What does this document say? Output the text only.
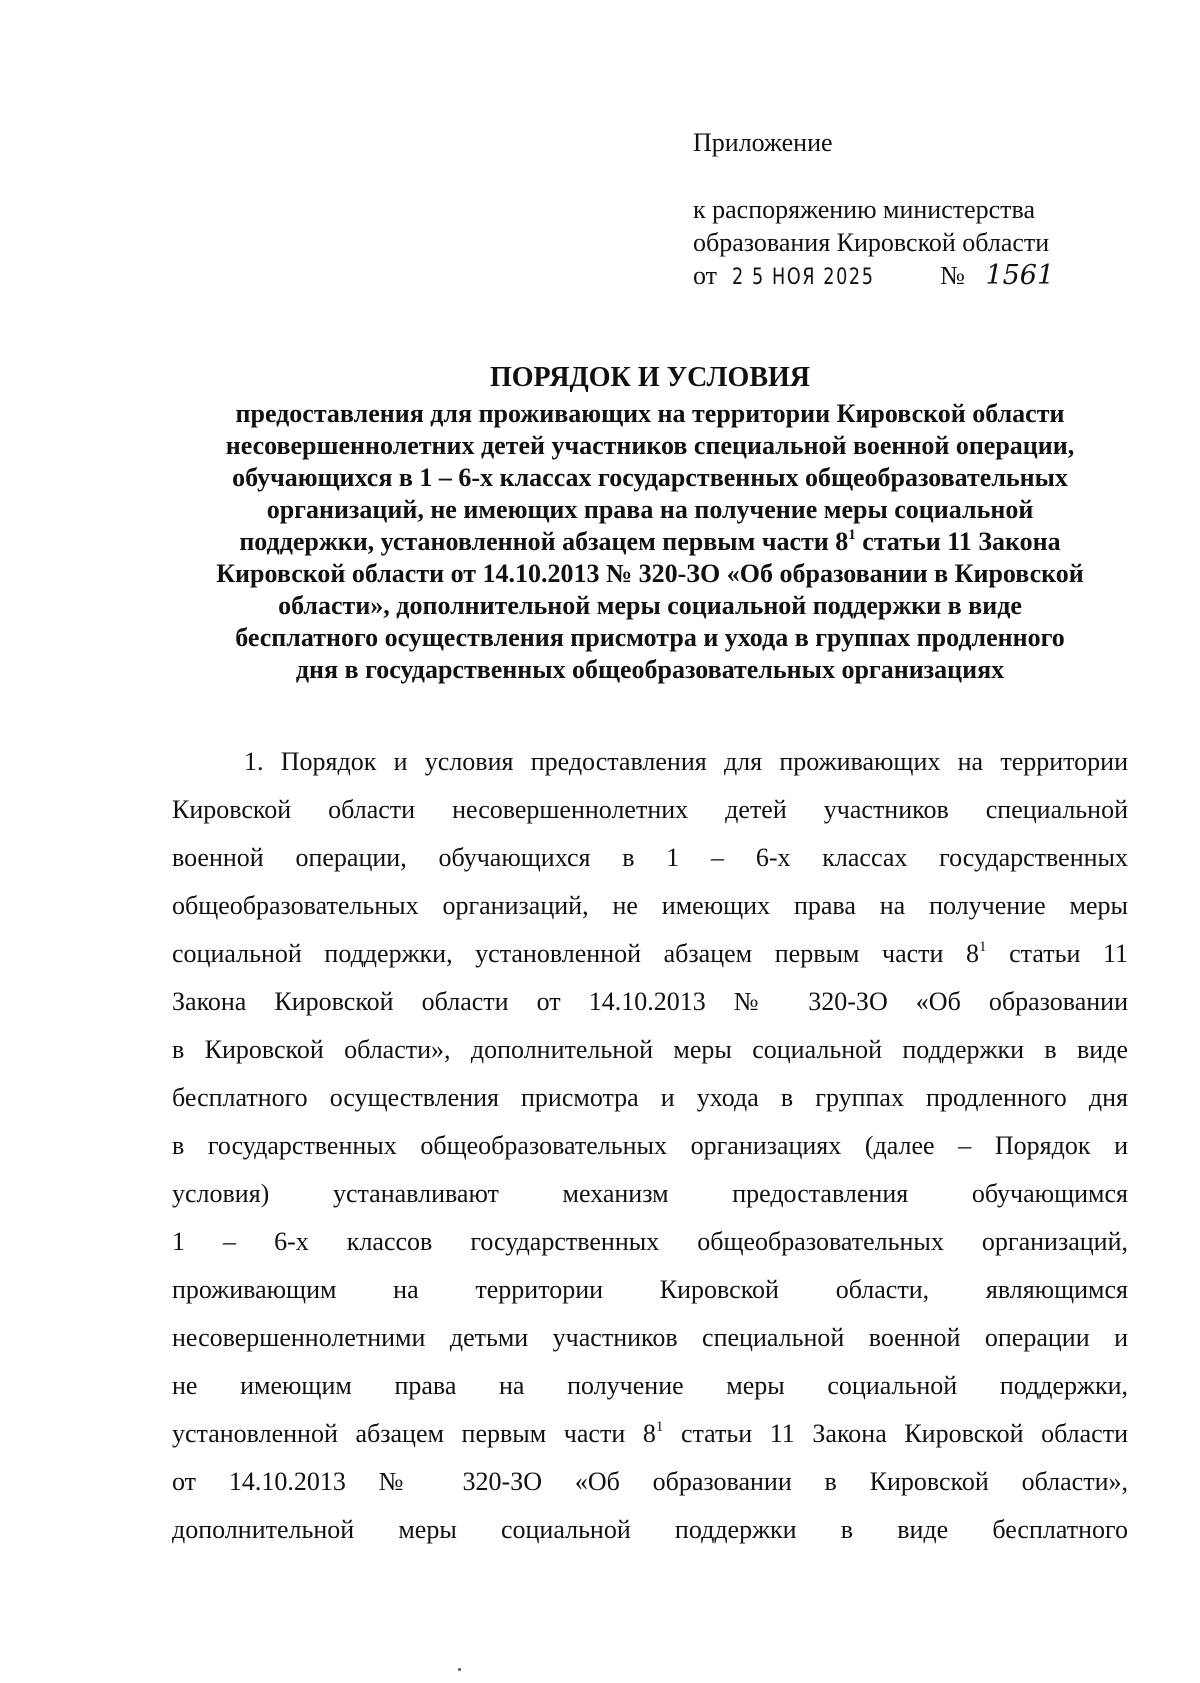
Приложение
к распоряжению министерства
образования Кировской области
от 2 5 НОЯ 2025	№ 1561
ПОРЯДОК И УСЛОВИЯ
предоставления для проживающих на территории Кировской области
несовершеннолетних детей участников специальной военной операции,
обучающихся в 1 – 6-х классах государственных общеобразовательных
организаций, не имеющих права на получение меры социальной
поддержки, установленной абзацем первым части $8^1$ статьи 11 Закона
Кировской области от 14.10.2013 № 320-ЗО «Об образовании в Кировской
области», дополнительной меры социальной поддержки в виде
бесплатного осуществления присмотра и ухода в группах продленного
дня в государственных общеобразовательных организациях
1. Порядок и условия предоставления для проживающих на территории
Кировской области несовершеннолетних детей участников специальной
военной операции, обучающихся в 1 – 6-х классах государственных
общеобразовательных организаций, не имеющих права на получение меры
социальной поддержки, установленной абзацем первым части $8^1$ статьи 11
Закона Кировской области от 14.10.2013 № 320-ЗО «Об образовании
в Кировской области», дополнительной меры социальной поддержки в виде
бесплатного осуществления присмотра и ухода в группах продленного дня
в государственных общеобразовательных организациях (далее – Порядок и
условия) устанавливают механизм предоставления обучающимся
1 – 6-х классов государственных общеобразовательных организаций,
проживающим на территории Кировской области, являющимся
несовершеннолетними детьми участников специальной военной операции и
не имеющим права на получение меры социальной поддержки,
установленной абзацем первым части $8^1$ статьи 11 Закона Кировской области
от 14.10.2013 № 320-ЗО «Об образовании в Кировской области»,
дополнительной меры социальной поддержки в виде бесплатного
